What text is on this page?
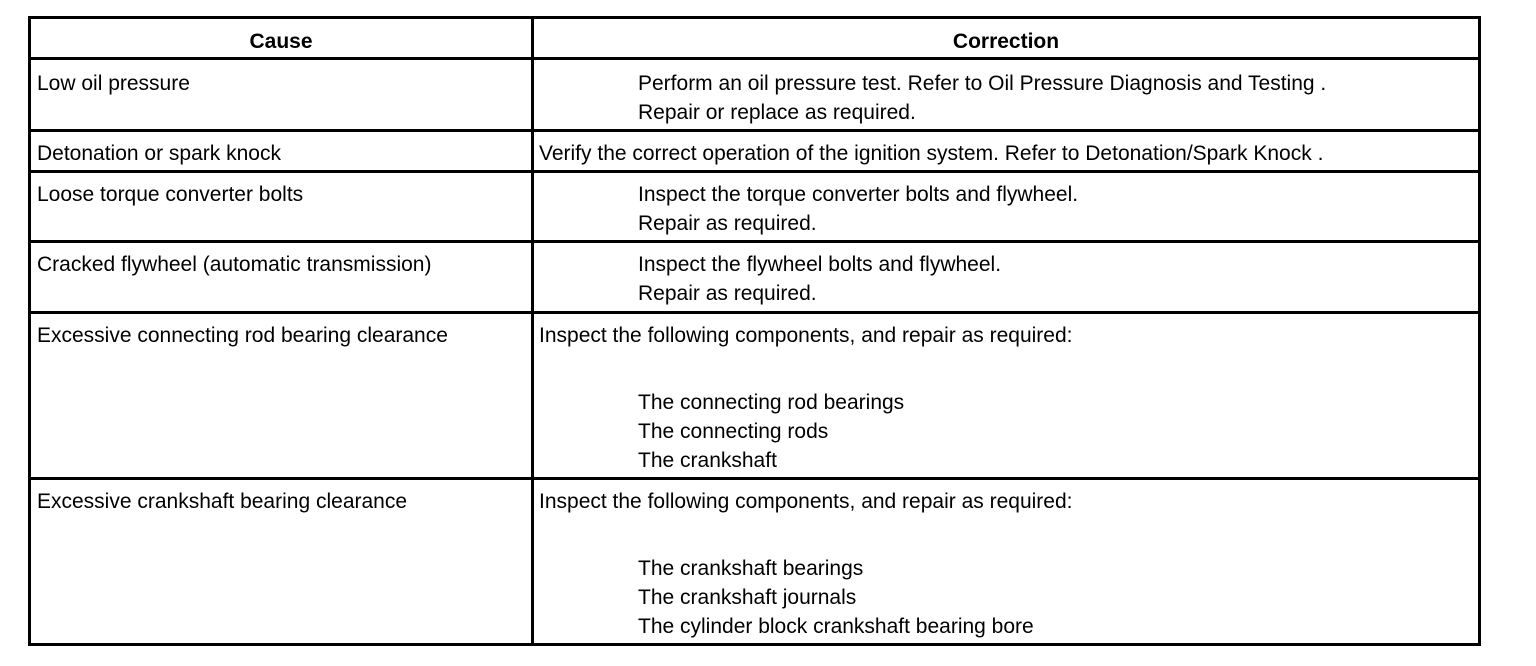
Cause	Correction
Low oil pressure	Perform an oil pressure test. Refer to Oil Pressure Diagnosis and Testing .
Repair or replace as required.
Detonation or spark knock	Verify the correct operation of the ignition system. Refer to Detonation/Spark Knock .
Loose torque converter bolts	Inspect the torque converter bolts and flywheel.
Repair as required.
Cracked flywheel (automatic transmission)	Inspect the flywheel bolts and flywheel.
Repair as required.
Excessive connecting rod bearing clearance	Inspect the following components, and repair as required:
The connecting rod bearings
The connecting rods
The crankshaft
Excessive crankshaft bearing clearance	Inspect the following components, and repair as required:
The crankshaft bearings
The crankshaft journals
The cylinder block crankshaft bearing bore
